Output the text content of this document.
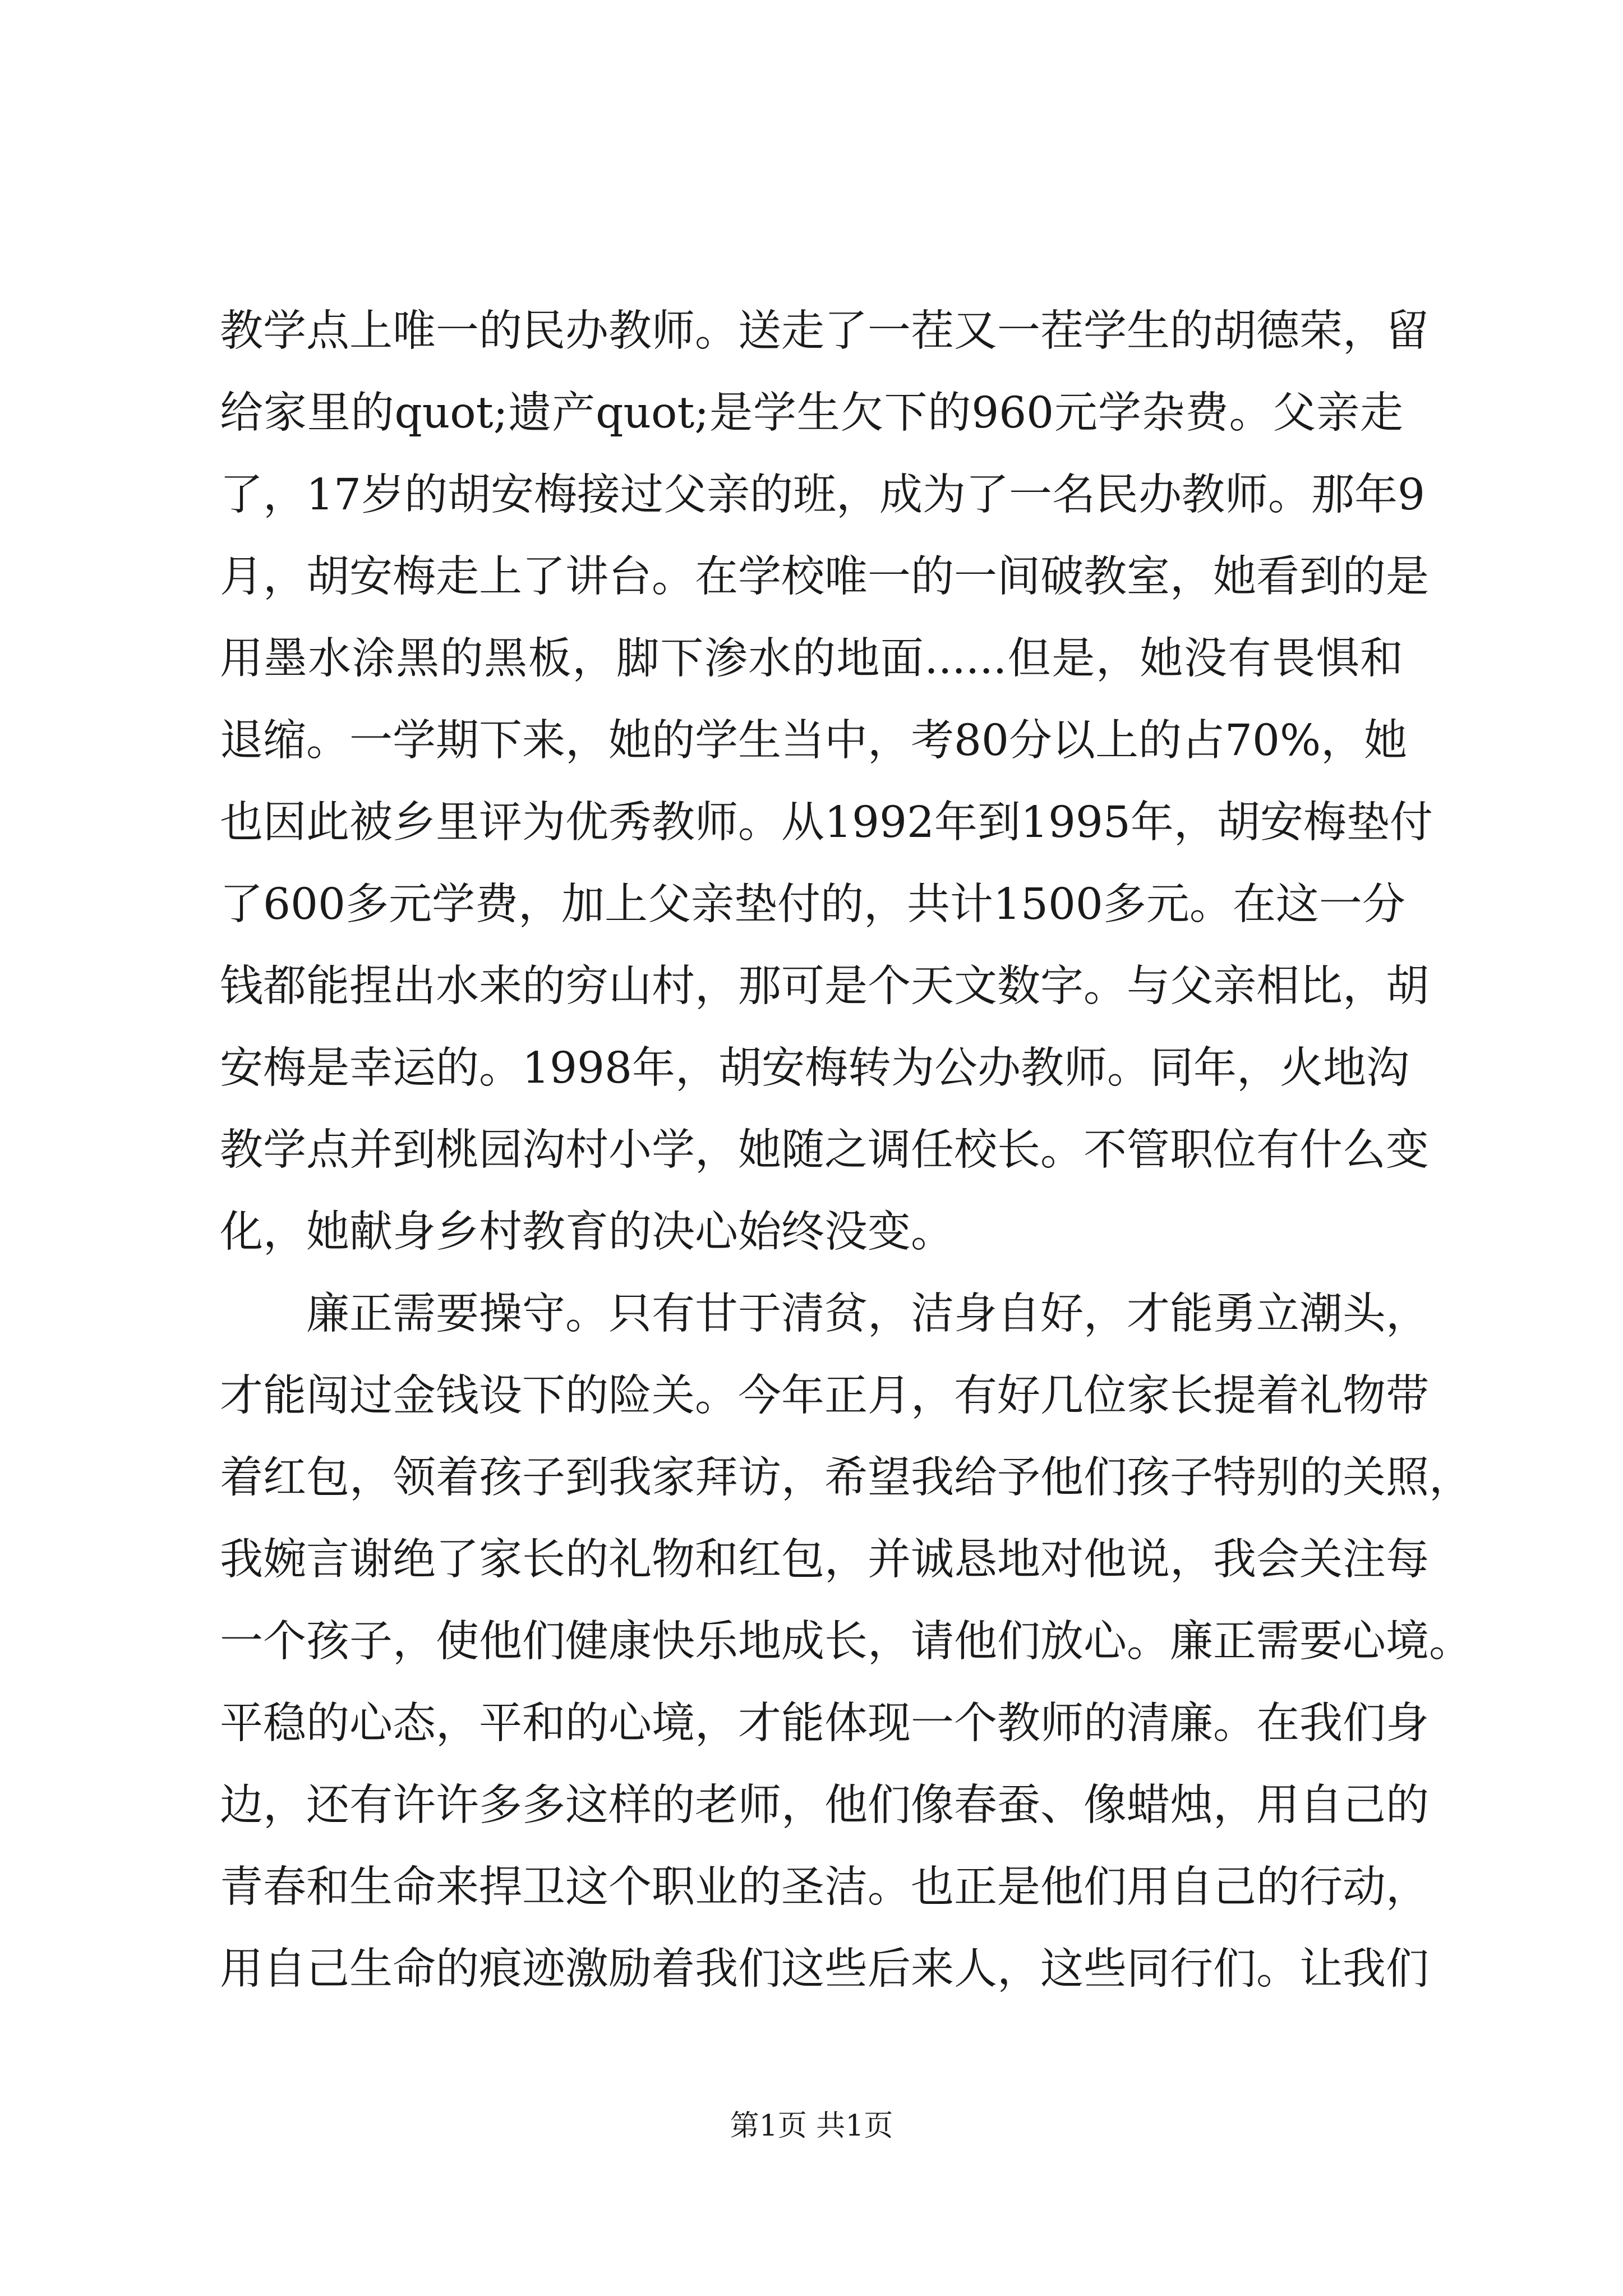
教学点上唯一的民办教师。送走了一茬又一茬学生的胡德荣，留
给家里的quot;遗产quot;是学生欠下的960元学杂费。父亲走
了，17岁的胡安梅接过父亲的班，成为了一名民办教师。那年9
月，胡安梅走上了讲台。在学校唯一的一间破教室，她看到的是
用墨水涂黑的黑板，脚下渗水的地面......但是，她没有畏惧和
退缩。一学期下来，她的学生当中，考80分以上的占70%，她
也因此被乡里评为优秀教师。从1992年到1995年，胡安梅垫付
了600多元学费，加上父亲垫付的，共计1500多元。在这一分
钱都能捏出水来的穷山村，那可是个天文数字。与父亲相比，胡
安梅是幸运的。1998年，胡安梅转为公办教师。同年，火地沟
教学点并到桃园沟村小学，她随之调任校长。不管职位有什么变
化，她献身乡村教育的决心始终没变。
廉正需要操守。只有甘于清贫，洁身自好，才能勇立潮头，
才能闯过金钱设下的险关。今年正月，有好几位家长提着礼物带
着红包，领着孩子到我家拜访，希望我给予他们孩子特别的关照，
我婉言谢绝了家长的礼物和红包，并诚恳地对他说，我会关注每
一个孩子，使他们健康快乐地成长，请他们放心。廉正需要心境。
平稳的心态，平和的心境，才能体现一个教师的清廉。在我们身
边，还有许许多多这样的老师，他们像春蚕、像蜡烛，用自己的
青春和生命来捍卫这个职业的圣洁。也正是他们用自己的行动，
用自己生命的痕迹激励着我们这些后来人，这些同行们。让我们
第1页 共1页
